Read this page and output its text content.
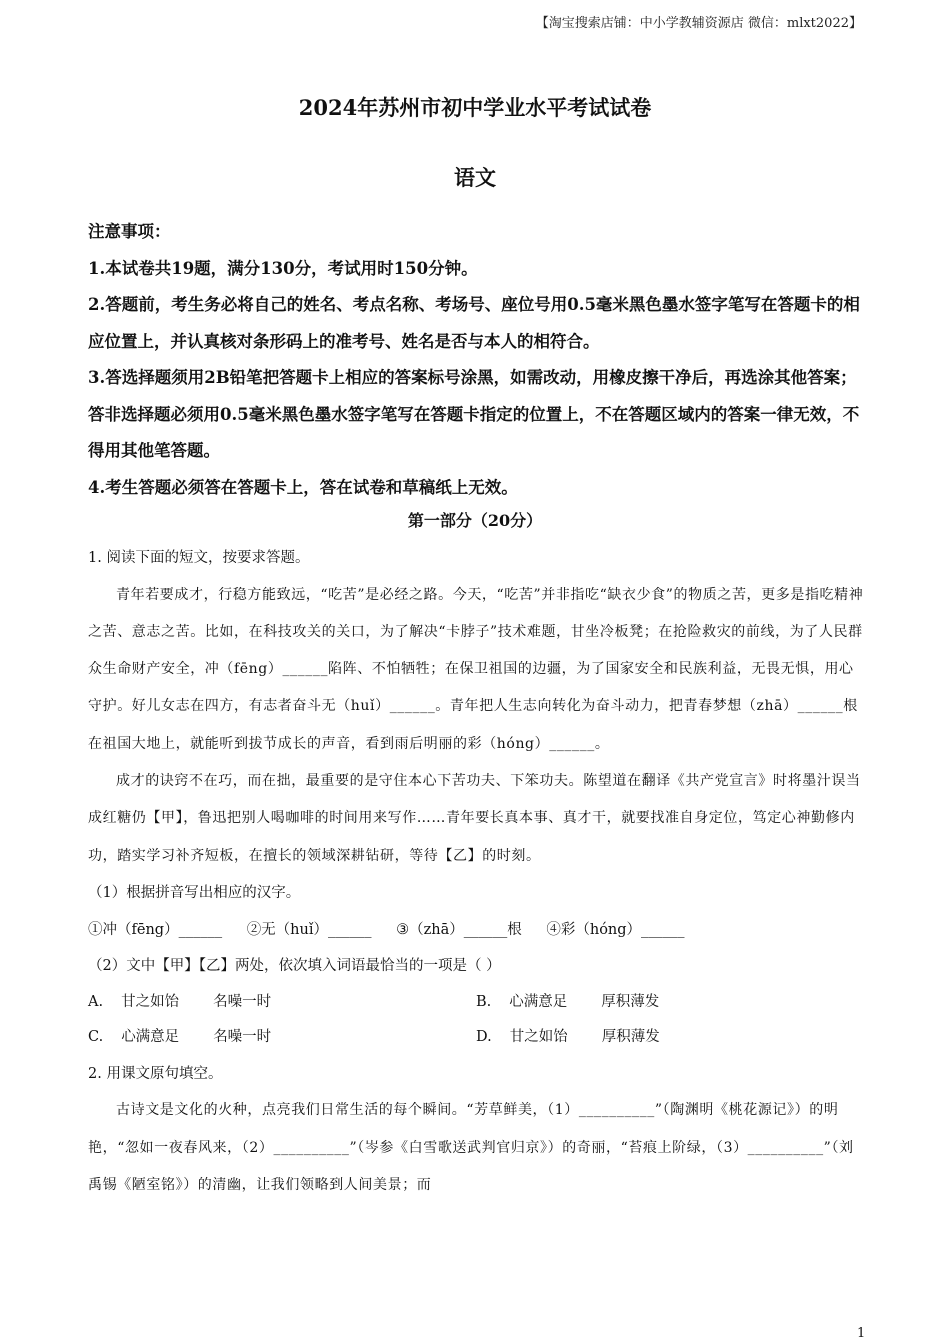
【淘宝搜索店铺：中小学教辅资源店 微信：mlxt2022】
2024年苏州市初中学业水平考试试卷
语文

注意事项：

1.本试卷共19题，满分130分，考试用时150分钟。

2.答题前，考生务必将自己的姓名、考点名称、考场号、座位号用0.5毫米黑色墨水签字笔写在答题卡的相应位置上，并认真核对条形码上的准考号、姓名是否与本人的相符合。

3.答选择题须用2B铅笔把答题卡上相应的答案标号涂黑，如需改动，用橡皮擦干净后，再选涂其他答案；答非选择题必须用0.5毫米黑色墨水签字笔写在答题卡指定的位置上，不在答题区域内的答案一律无效，不得用其他笔答题。

4.考生答题必须答在答题卡上，答在试卷和草稿纸上无效。

第一部分（20分）

1. 阅读下面的短文，按要求答题。

青年若要成才，行稳方能致远，“吃苦”是必经之路。今天，“吃苦”并非指吃“缺衣少食”的物质之苦，更多是指吃精神之苦、意志之苦。比如，在科技攻关的关口，为了解决“卡脖子”技术难题，甘坐冷板凳；在抢险救灾的前线，为了人民群众生命财产安全，冲（fēng）______陷阵、不怕牺牲；在保卫祖国的边疆，为了国家安全和民族利益，无畏无惧，用心守护。好儿女志在四方，有志者奋斗无（huǐ）______。青年把人生志向转化为奋斗动力，把青春梦想（zhā）______根在祖国大地上，就能听到拔节成长的声音，看到雨后明丽的彩（hóng）______。

成才的诀窍不在巧，而在拙，最重要的是守住本心下苦功夫、下笨功夫。陈望道在翻译《共产党宣言》时将墨汁误当成红糖仍【甲】，鲁迅把别人喝咖啡的时间用来写作……青年要长真本事、真才干，就要找准自身定位，笃定心神勤修内功，踏实学习补齐短板，在擅长的领域深耕钻研，等待【乙】的时刻。

（1）根据拼音写出相应的汉字。

①冲（fēng）______ ②无（huǐ）______ ③（zhā）______根 ④彩（hóng）______

（2）文中【甲】【乙】两处，依次填入词语最恰当的一项是（ ）

A. 甘之如饴 名噪一时	B. 心满意足 厚积薄发
C. 心满意足 名噪一时	D. 甘之如饴 厚积薄发

2. 用课文原句填空。

古诗文是文化的火种，点亮我们日常生活的每个瞬间。“芳草鲜美，（1）__________”（陶渊明《桃花源记》）的明艳，“忽如一夜春风来，（2）__________”（岑参《白雪歌送武判官归京》）的奇丽，“苔痕上阶绿，（3）__________”（刘禹锡《陋室铭》）的清幽，让我们领略到人间美景；而

1
